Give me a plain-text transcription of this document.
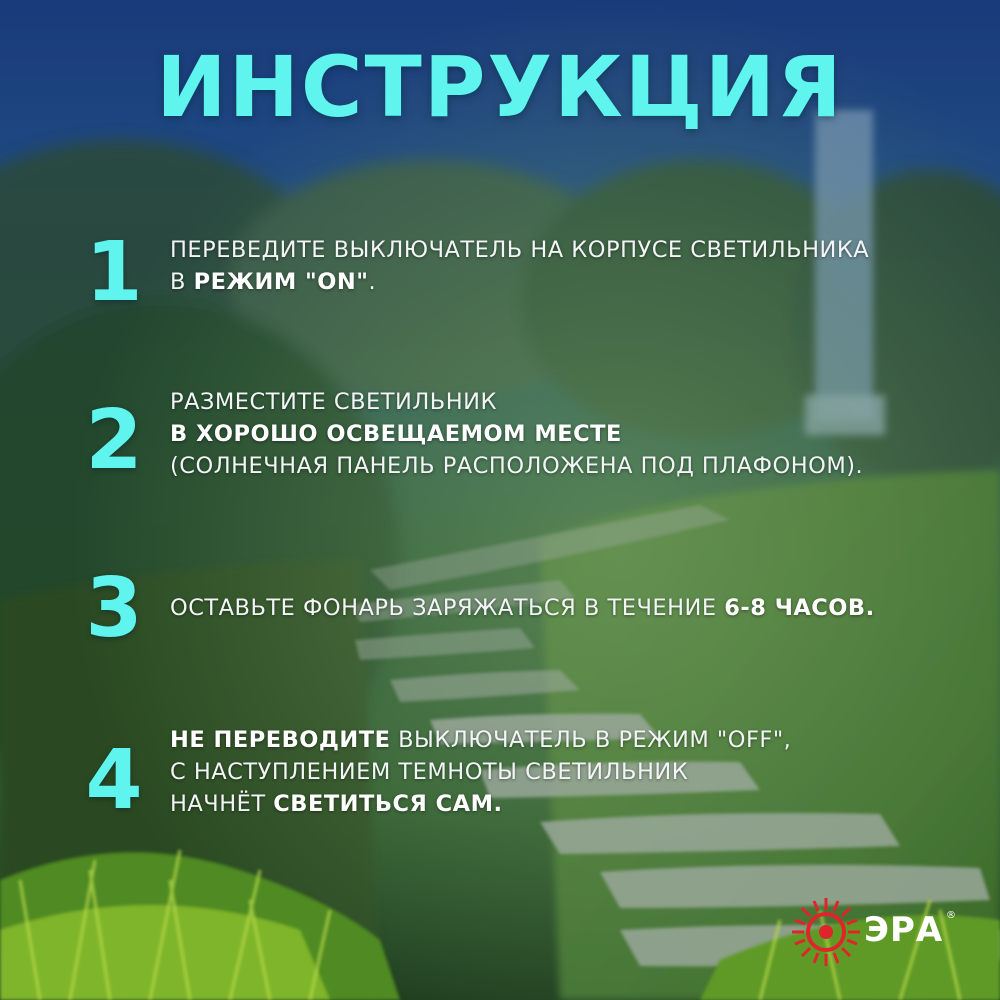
ИНСТРУКЦИЯ
1 ПЕРЕВЕДИТЕ ВЫКЛЮЧАТЕЛЬ НА КОРПУСЕ СВЕТИЛЬНИКА
В РЕЖИМ "ON".
2 РАЗМЕСТИТЕ СВЕТИЛЬНИК
В ХОРОШО ОСВЕЩАЕМОМ МЕСТЕ
(СОЛНЕЧНАЯ ПАНЕЛЬ РАСПОЛОЖЕНА ПОД ПЛАФОНОМ).
3 ОСТАВЬТЕ ФОНАРЬ ЗАРЯЖАТЬСЯ В ТЕЧЕНИЕ 6-8 ЧАСОВ.
4 НЕ ПЕРЕВОДИТЕ ВЫКЛЮЧАТЕЛЬ В РЕЖИМ "OFF",
С НАСТУПЛЕНИЕМ ТЕМНОТЫ СВЕТИЛЬНИК
НАЧНЁТ СВЕТИТЬСЯ САМ.
ЭРА ®
